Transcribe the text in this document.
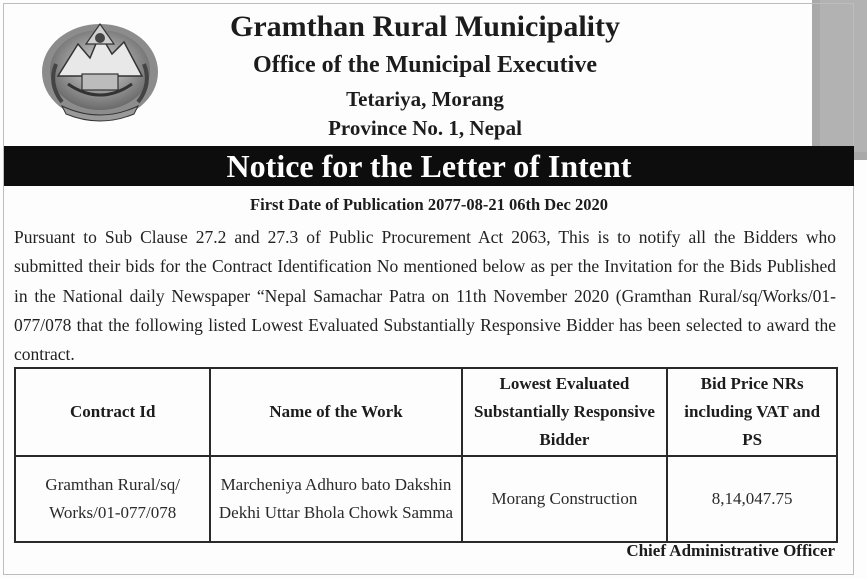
Gramthan Rural Municipality
Office of the Municipal Executive
Tetariya, Morang
Province No. 1, Nepal
Notice for the Letter of Intent
First Date of Publication 2077-08-21 06th Dec 2020
Pursuant to Sub Clause 27.2 and 27.3 of Public Procurement Act 2063, This is to notify all the Bidders who submitted their bids for the Contract Identification No mentioned below as per the Invitation for the Bids Published in the National daily Newspaper “Nepal Samachar Patra on 11th November 2020 (Gramthan Rural/sq/Works/01-077/078 that the following listed Lowest Evaluated Substantially Responsive Bidder has been selected to award the contract.
Contract Id	Name of the Work	Lowest Evaluated Substantially Responsive Bidder	Bid Price NRs including VAT and PS
Gramthan Rural/sq/ Works/01-077/078	Marcheniya Adhuro bato Dakshin Dekhi Uttar Bhola Chowk Samma	Morang Construction	8,14,047.75
Chief Administrative Officer
